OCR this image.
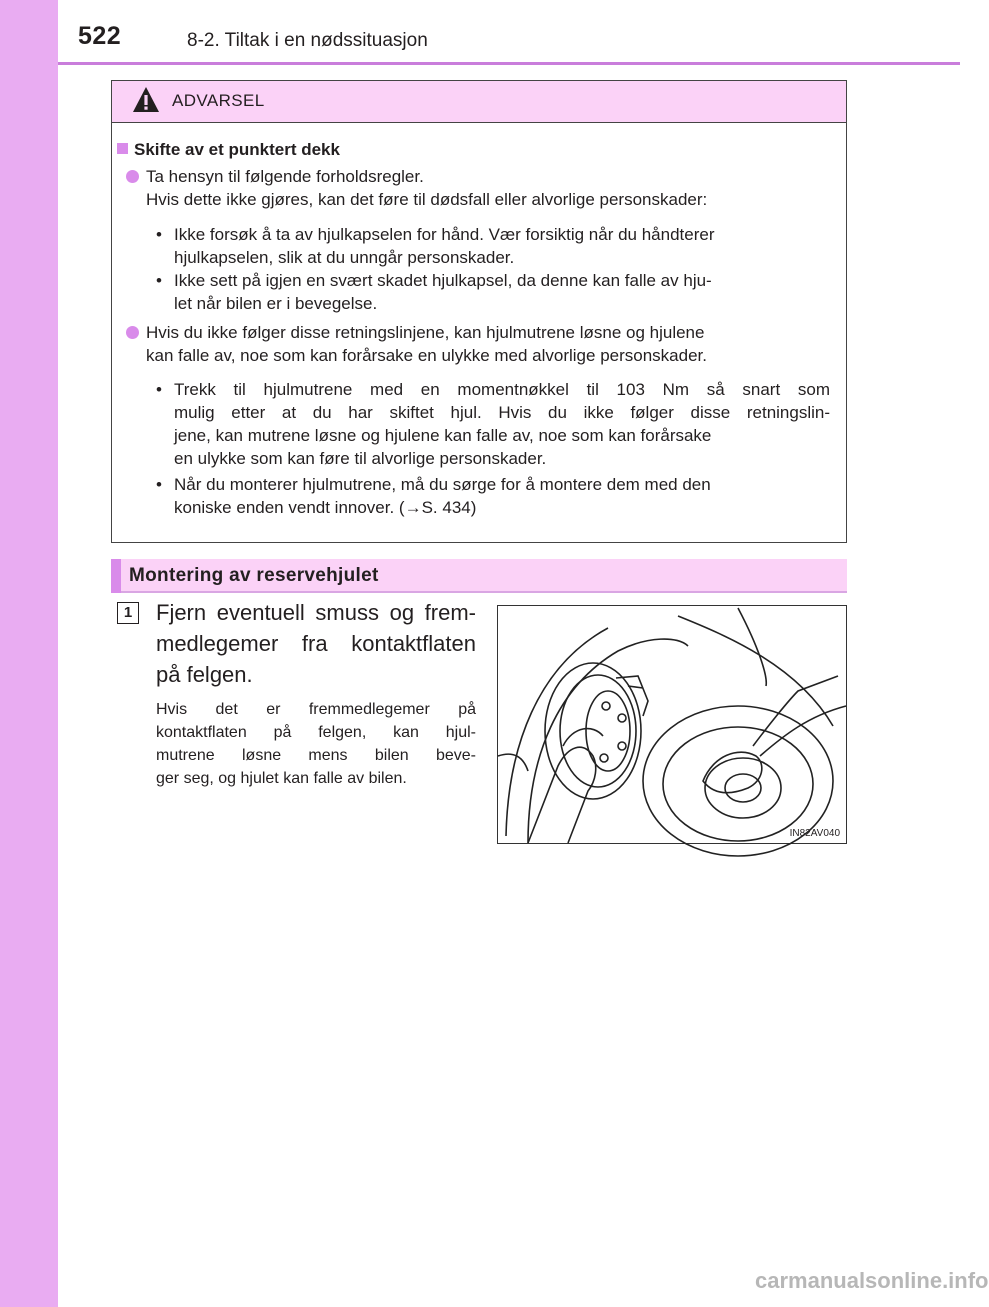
522	8-2. Tiltak i en nødssituasjon
ADVARSEL
Skifte av et punktert dekk

Ta hensyn til følgende forholdsregler.

Hvis dette ikke gjøres, kan det føre til dødsfall eller alvorlige personskader:

• Ikke forsøk å ta av hjulkapselen for hånd. Vær forsiktig når du håndterer

hjulkapselen, slik at du unngår personskader.

• Ikke sett på igjen en svært skadet hjulkapsel, da denne kan falle av hju-

let når bilen er i bevegelse.

Hvis du ikke følger disse retningslinjene, kan hjulmutrene løsne og hjulene

kan falle av, noe som kan forårsake en ulykke med alvorlige personskader.

• Trekk til hjulmutrene med en momentnøkkel til 103 Nm så snart som

mulig etter at du har skiftet hjul. Hvis du ikke følger disse retningslin-

jene, kan mutrene løsne og hjulene kan falle av, noe som kan forårsake

en ulykke som kan føre til alvorlige personskader.

• Når du monterer hjulmutrene, må du sørge for å montere dem med den

koniske enden vendt innover. (→S. 434)

Montering av reservehjulet
1	Fjern eventuell smuss og frem-

medlegemer fra kontaktflaten

på felgen.

Hvis det er fremmedlegemer på

kontaktflaten på felgen, kan hjul-

mutrene løsne mens bilen beve-

ger seg, og hjulet kan falle av bilen.

IN82AV040
carmanualsonline.info
